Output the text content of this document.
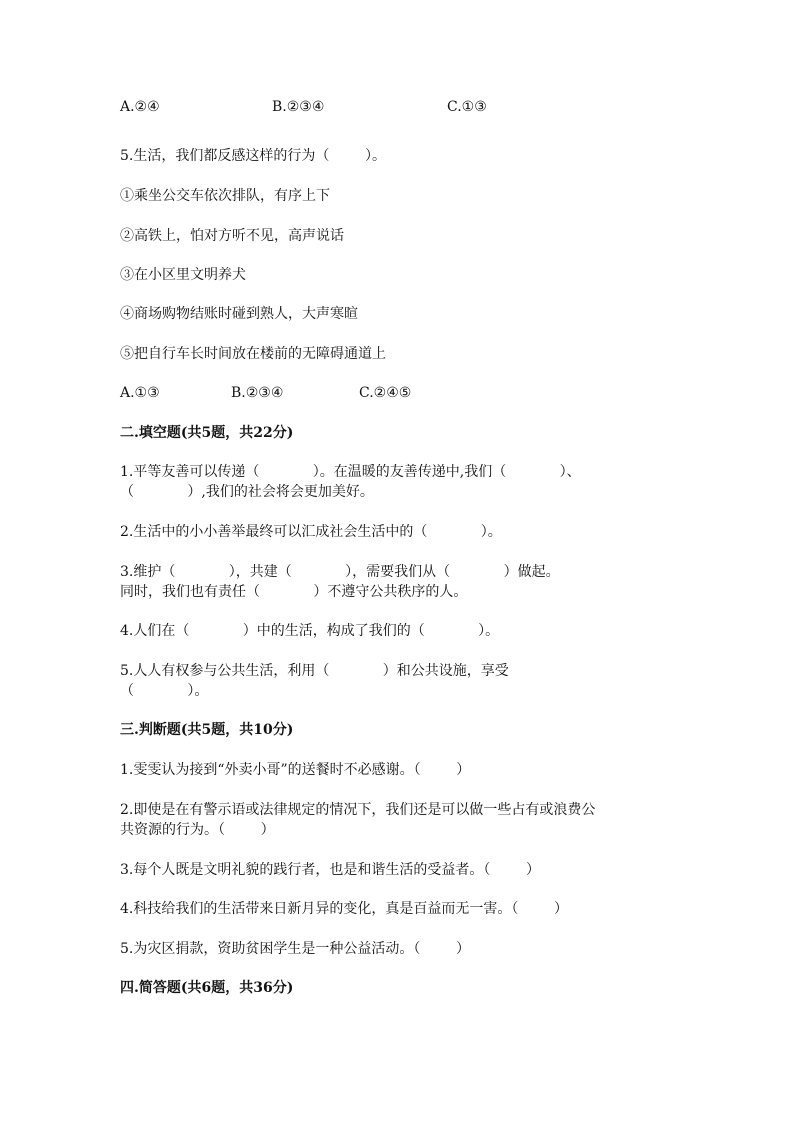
A.②④	B.②③④	C.①③
5.生活，我们都反感这样的行为（        ）。
①乘坐公交车依次排队，有序上下
②高铁上，怕对方听不见，高声说话
③在小区里文明养犬
④商场购物结账时碰到熟人，大声寒暄
⑤把自行车长时间放在楼前的无障碍通道上
A.①③	B.②③④	C.②④⑤
二.填空题(共5题，共22分)
1.平等友善可以传递（            ）。在温暖的友善传递中,我们（            ）、
（            ）,我们的社会将会更加美好。
2.生活中的小小善举最终可以汇成社会生活中的（            ）。
3.维护（            ），共建（            ），需要我们从（            ）做起。
同时，我们也有责任（            ）不遵守公共秩序的人。
4.人们在（            ）中的生活，构成了我们的（            ）。
5.人人有权参与公共生活，利用（            ）和公共设施，享受
（            ）。
三.判断题(共5题，共10分)
1.雯雯认为接到“外卖小哥”的送餐时不必感谢。（        ）
2.即使是在有警示语或法律规定的情况下，我们还是可以做一些占有或浪费公
共资源的行为。（        ）
3.每个人既是文明礼貌的践行者，也是和谐生活的受益者。（        ）
4.科技给我们的生活带来日新月异的变化，真是百益而无一害。（        ）
5.为灾区捐款，资助贫困学生是一种公益活动。（        ）
四.简答题(共6题，共36分)
